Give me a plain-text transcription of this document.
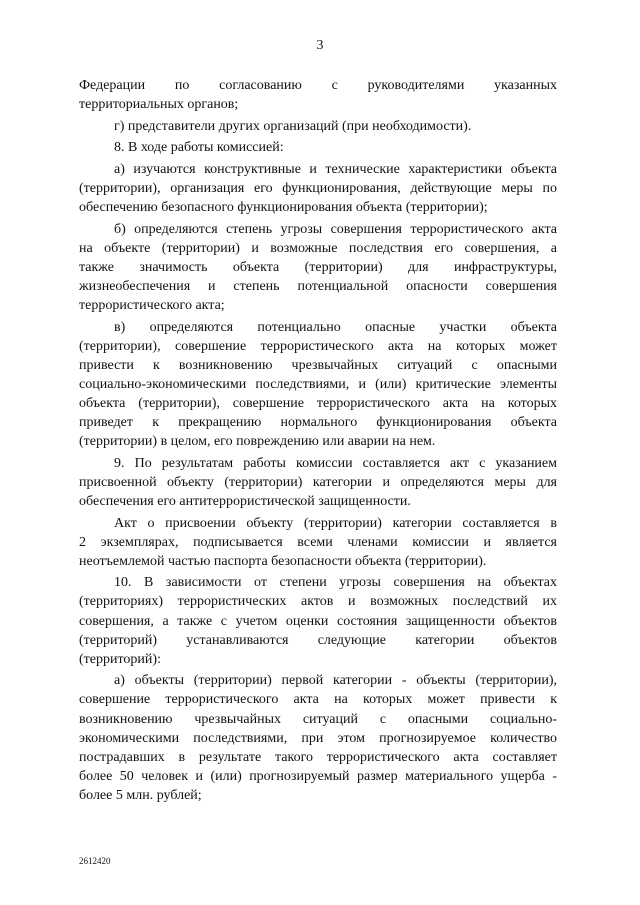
3
Федерации по согласованию с руководителями указанных
территориальных органов;
г) представители других организаций (при необходимости).
8. В ходе работы комиссией:
а) изучаются конструктивные и технические характеристики объекта
(территории), организация его функционирования, действующие меры по
обеспечению безопасного функционирования объекта (территории);
б) определяются степень угрозы совершения террористического акта
на объекте (территории) и возможные последствия его совершения, а
также значимость объекта (территории) для инфраструктуры,
жизнеобеспечения и степень потенциальной опасности совершения
террористического акта;
в) определяются потенциально опасные участки объекта
(территории), совершение террористического акта на которых может
привести к возникновению чрезвычайных ситуаций с опасными
социально-экономическими последствиями, и (или) критические элементы
объекта (территории), совершение террористического акта на которых
приведет к прекращению нормального функционирования объекта
(территории) в целом, его повреждению или аварии на нем.
9. По результатам работы комиссии составляется акт с указанием
присвоенной объекту (территории) категории и определяются меры для
обеспечения его антитеррористической защищенности.
Акт о присвоении объекту (территории) категории составляется в
2 экземплярах, подписывается всеми членами комиссии и является
неотъемлемой частью паспорта безопасности объекта (территории).
10. В зависимости от степени угрозы совершения на объектах
(территориях) террористических актов и возможных последствий их
совершения, а также с учетом оценки состояния защищенности объектов
(территорий) устанавливаются следующие категории объектов
(территорий):
а) объекты (территории) первой категории - объекты (территории),
совершение террористического акта на которых может привести к
возникновению чрезвычайных ситуаций с опасными социально-
экономическими последствиями, при этом прогнозируемое количество
пострадавших в результате такого террористического акта составляет
более 50 человек и (или) прогнозируемый размер материального ущерба -
более 5 млн. рублей;
2612420
